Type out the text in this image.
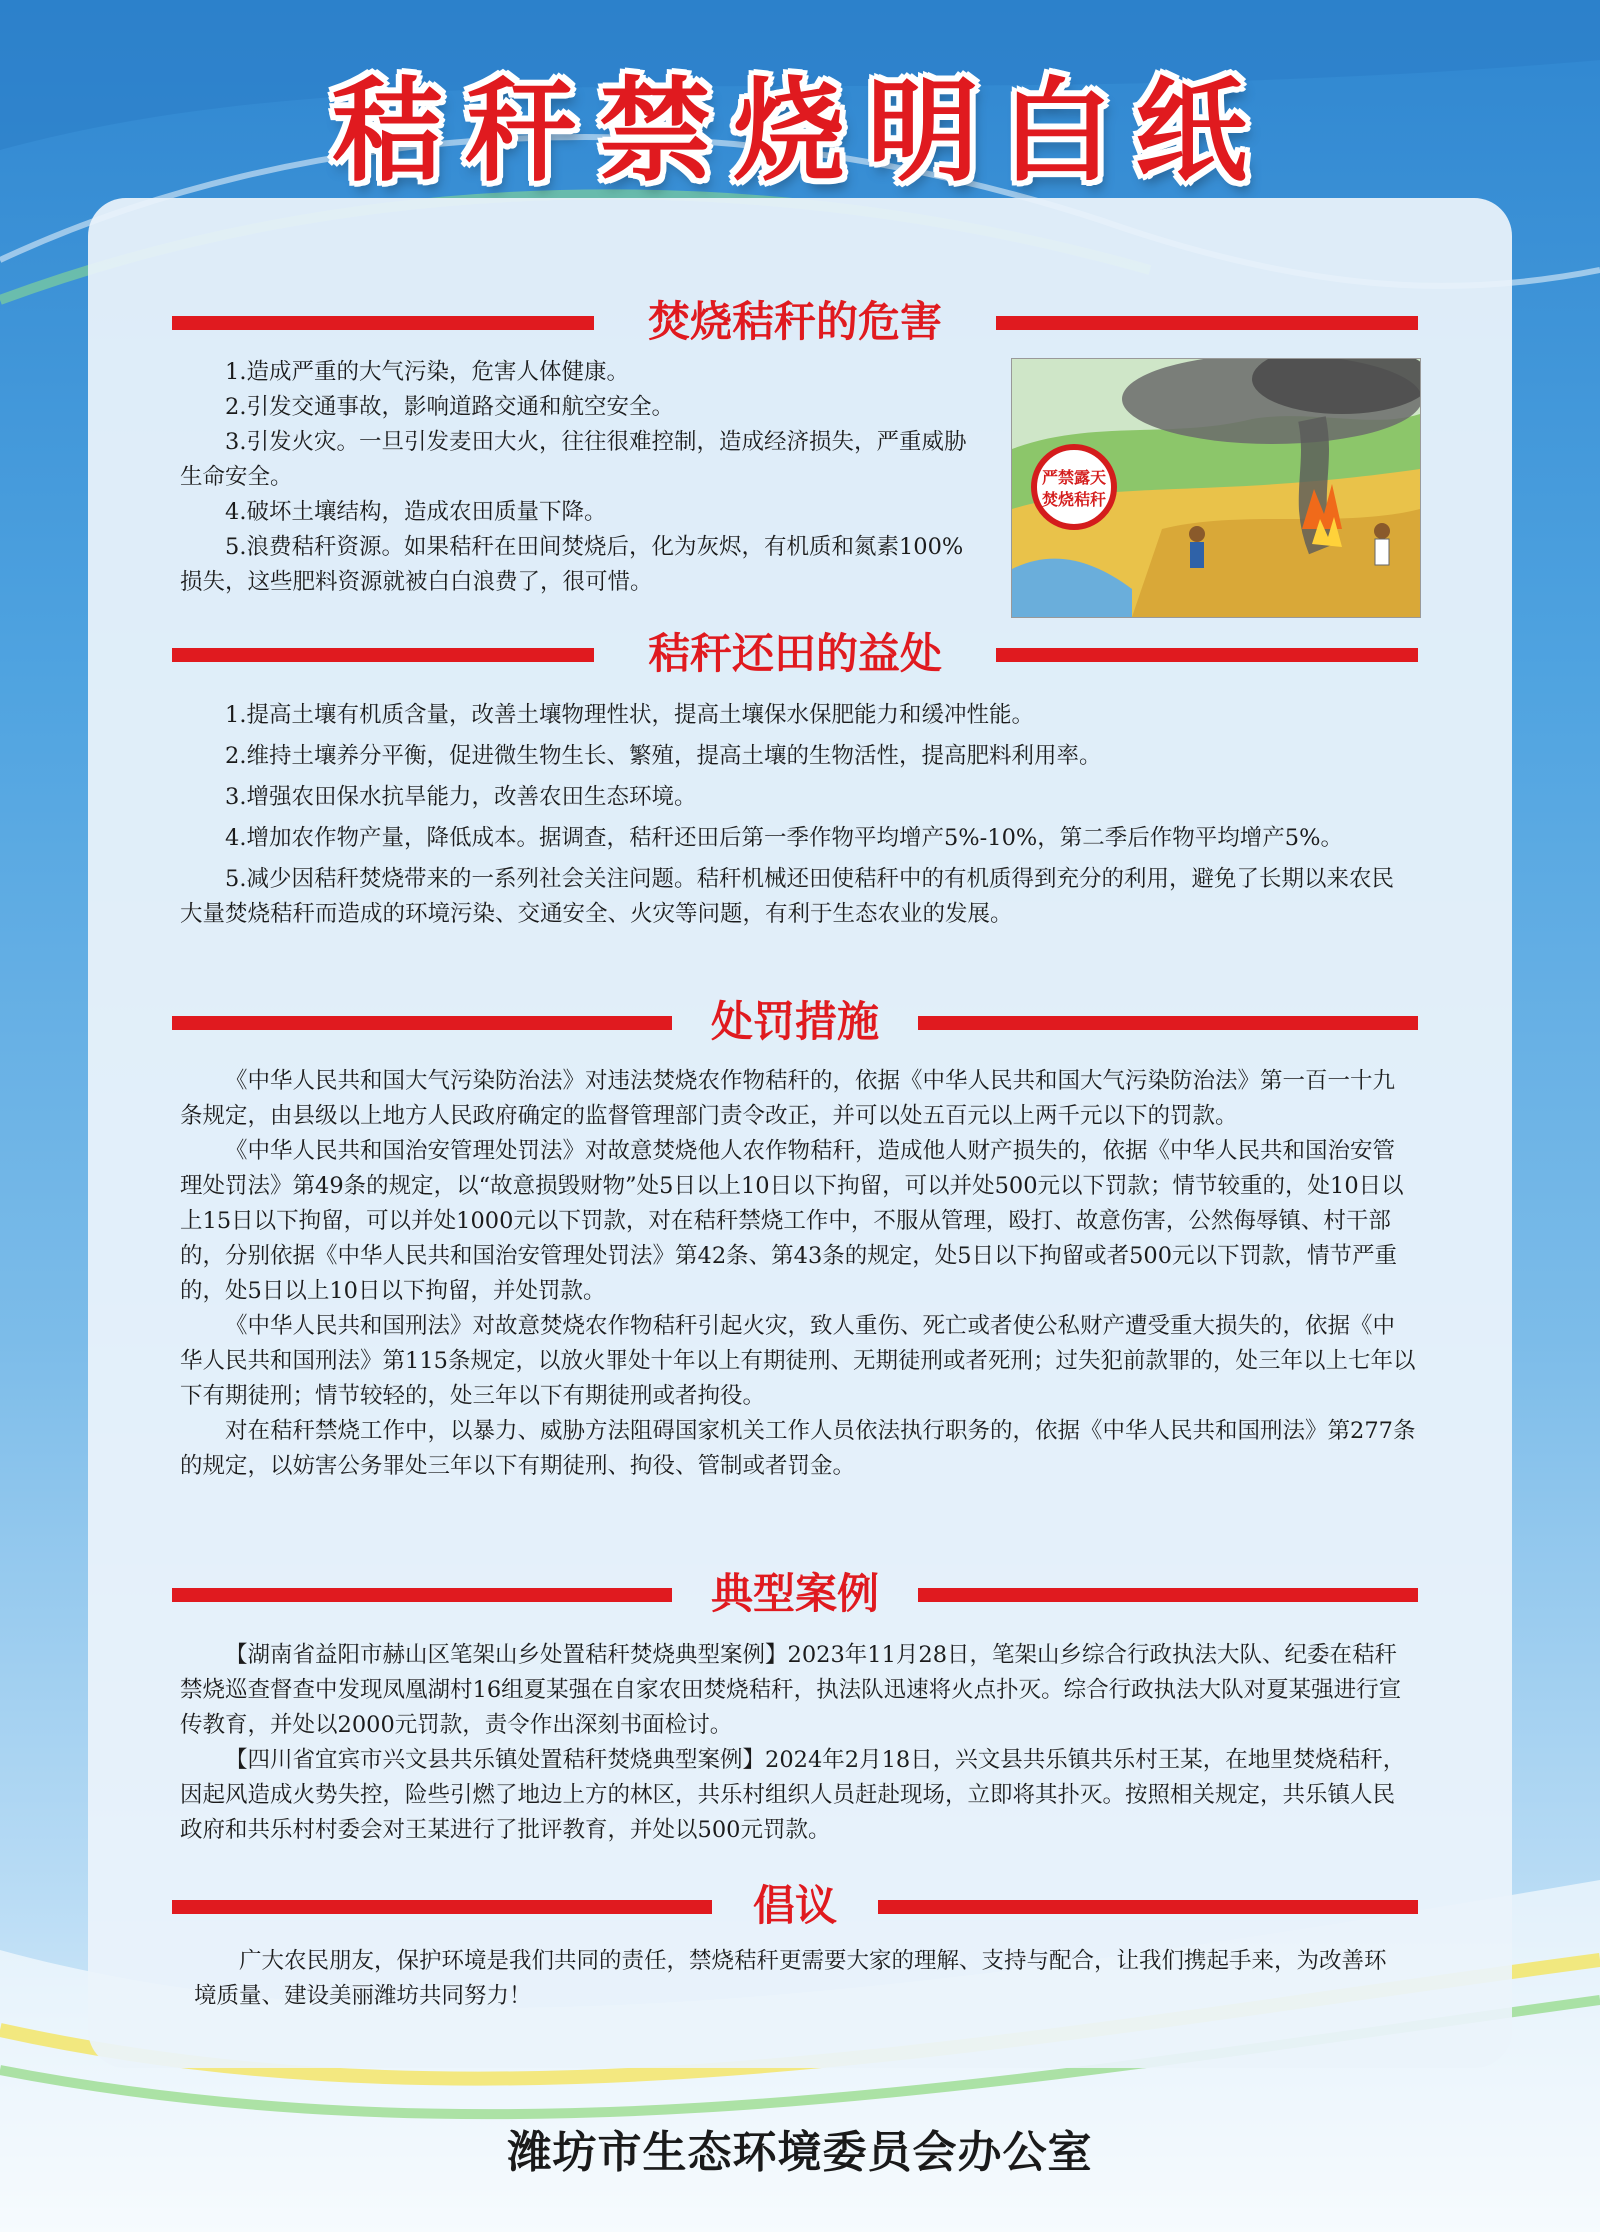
秸秆禁烧明白纸
焚烧秸秆的危害

1.造成严重的大气污染，危害人体健康。

2.引发交通事故，影响道路交通和航空安全。

3.引发火灾。一旦引发麦田大火，往往很难控制，造成经济损失，严重威胁生命安全。

4.破坏土壤结构，造成农田质量下降。

5.浪费秸秆资源。如果秸秆在田间焚烧后，化为灰烬，有机质和氮素100%损失，这些肥料资源就被白白浪费了，很可惜。

严禁露天
焚烧秸秆
秸秆还田的益处

1.提高土壤有机质含量，改善土壤物理性状，提高土壤保水保肥能力和缓冲性能。

2.维持土壤养分平衡，促进微生物生长、繁殖，提高土壤的生物活性，提高肥料利用率。

3.增强农田保水抗旱能力，改善农田生态环境。

4.增加农作物产量，降低成本。据调查，秸秆还田后第一季作物平均增产5%-10%，第二季后作物平均增产5%。

5.减少因秸秆焚烧带来的一系列社会关注问题。秸秆机械还田使秸秆中的有机质得到充分的利用，避免了长期以来农民大量焚烧秸秆而造成的环境污染、交通安全、火灾等问题，有利于生态农业的发展。

处罚措施

《中华人民共和国大气污染防治法》对违法焚烧农作物秸秆的，依据《中华人民共和国大气污染防治法》第一百一十九条规定，由县级以上地方人民政府确定的监督管理部门责令改正，并可以处五百元以上两千元以下的罚款。

《中华人民共和国治安管理处罚法》对故意焚烧他人农作物秸秆，造成他人财产损失的，依据《中华人民共和国治安管理处罚法》第49条的规定，以“故意损毁财物”处5日以上10日以下拘留，可以并处500元以下罚款；情节较重的，处10日以上15日以下拘留，可以并处1000元以下罚款，对在秸秆禁烧工作中，不服从管理，殴打、故意伤害，公然侮辱镇、村干部的，分别依据《中华人民共和国治安管理处罚法》第42条、第43条的规定，处5日以下拘留或者500元以下罚款，情节严重的，处5日以上10日以下拘留，并处罚款。

《中华人民共和国刑法》对故意焚烧农作物秸秆引起火灾，致人重伤、死亡或者使公私财产遭受重大损失的，依据《中华人民共和国刑法》第115条规定，以放火罪处十年以上有期徒刑、无期徒刑或者死刑；过失犯前款罪的，处三年以上七年以下有期徒刑；情节较轻的，处三年以下有期徒刑或者拘役。

对在秸秆禁烧工作中，以暴力、威胁方法阻碍国家机关工作人员依法执行职务的，依据《中华人民共和国刑法》第277条的规定，以妨害公务罪处三年以下有期徒刑、拘役、管制或者罚金。

典型案例

【湖南省益阳市赫山区笔架山乡处置秸秆焚烧典型案例】2023年11月28日，笔架山乡综合行政执法大队、纪委在秸秆禁烧巡查督查中发现凤凰湖村16组夏某强在自家农田焚烧秸秆，执法队迅速将火点扑灭。综合行政执法大队对夏某强进行宣传教育，并处以2000元罚款，责令作出深刻书面检讨。

【四川省宜宾市兴文县共乐镇处置秸秆焚烧典型案例】2024年2月18日，兴文县共乐镇共乐村王某，在地里焚烧秸秆，因起风造成火势失控，险些引燃了地边上方的林区，共乐村组织人员赶赴现场，立即将其扑灭。按照相关规定，共乐镇人民政府和共乐村村委会对王某进行了批评教育，并处以500元罚款。

倡议

广大农民朋友，保护环境是我们共同的责任，禁烧秸秆更需要大家的理解、支持与配合，让我们携起手来，为改善环境质量、建设美丽潍坊共同努力！

潍坊市生态环境委员会办公室
